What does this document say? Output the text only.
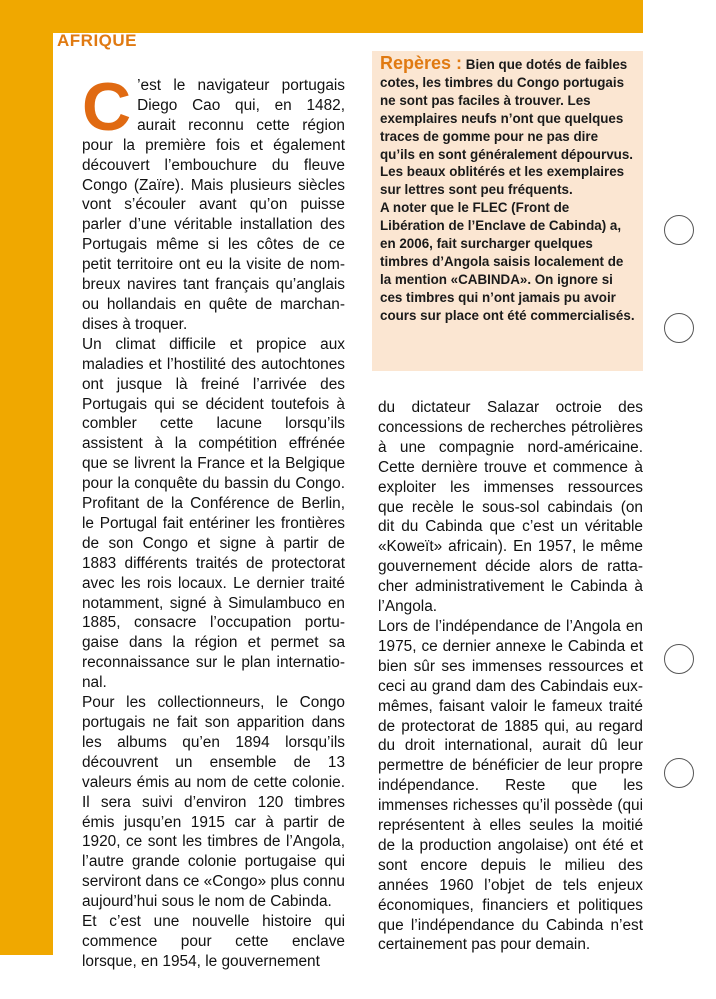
AFRIQUE

Repères : Bien que dotés de faibles cotes, les timbres du Congo portugais ne sont pas faciles à trouver. Les exemplaires neufs n’ont que quelques traces de gomme pour ne pas dire qu’ils en sont généralement dépourvus. Les beaux oblitérés et les exemplaires sur lettres sont peu fréquents.

A noter que le FLEC (Front de Libération de l’Enclave de Cabinda) a, en 2006, fait surcharger quelques timbres d’Angola saisis localement de la mention «CABINDA». On ignore si ces timbres qui n’ont jamais pu avoir cours sur place ont été commercialisés.

C ’est le navigateur portugais Diego Cao qui, en 1482, aurait reconnu cette région pour la première fois et également découvert l’embouchure du fleuve Congo (Zaïre). Mais plusieurs siècles vont s’écouler avant qu’on puisse parler d’une véritable installation des Portugais même si les côtes de ce petit territoire ont eu la visite de nombreux navires tant français qu’anglais ou hollandais en quête de marchandises à troquer.

Un climat difficile et propice aux maladies et l’hostilité des autochtones ont jusque là freiné l’arrivée des Portugais qui se décident toutefois à combler cette lacune lorsqu’ils assistent à la compétition effrénée que se livrent la France et la Belgique pour la conquête du bassin du Congo. Profitant de la Conférence de Berlin, le Portugal fait entériner les frontières de son Congo et signe à partir de 1883 différents traités de protectorat avec les rois locaux. Le dernier traité notamment, signé à Simulambuco en 1885, consacre l’occupation portugaise dans la région et permet sa reconnaissance sur le plan international.

Pour les collectionneurs, le Congo portugais ne fait son apparition dans les albums qu’en 1894 lorsqu’ils découvrent un ensemble de 13 valeurs émis au nom de cette colonie. Il sera suivi d’environ 120 timbres émis jusqu’en 1915 car à partir de 1920, ce sont les timbres de l’Angola, l’autre grande colonie portugaise qui serviront dans ce «Congo» plus connu aujourd’hui sous le nom de Cabinda.

Et c’est une nouvelle histoire qui commence pour cette enclave lorsque, en 1954, le gouvernement

du dictateur Salazar octroie des concessions de recherches pétrolières à une compagnie nord-américaine. Cette dernière trouve et commence à exploiter les immenses ressources que recèle le sous-sol cabindais (on dit du Cabinda que c’est un véritable «Koweït» africain). En 1957, le même gouvernement décide alors de rattacher administrativement le Cabinda à l’Angola.

Lors de l’indépendance de l’Angola en 1975, ce dernier annexe le Cabinda et bien sûr ses immenses ressources et ceci au grand dam des Cabindais eux-mêmes, faisant valoir le fameux traité de protectorat de 1885 qui, au regard du droit international, aurait dû leur permettre de bénéficier de leur propre indépendance. Reste que les immenses richesses qu’il possède (qui représentent à elles seules la moitié de la production angolaise) ont été et sont encore depuis le milieu des années 1960 l’objet de tels enjeux économiques, financiers et politiques que l’indépendance du Cabinda n’est certainement pas pour demain.
